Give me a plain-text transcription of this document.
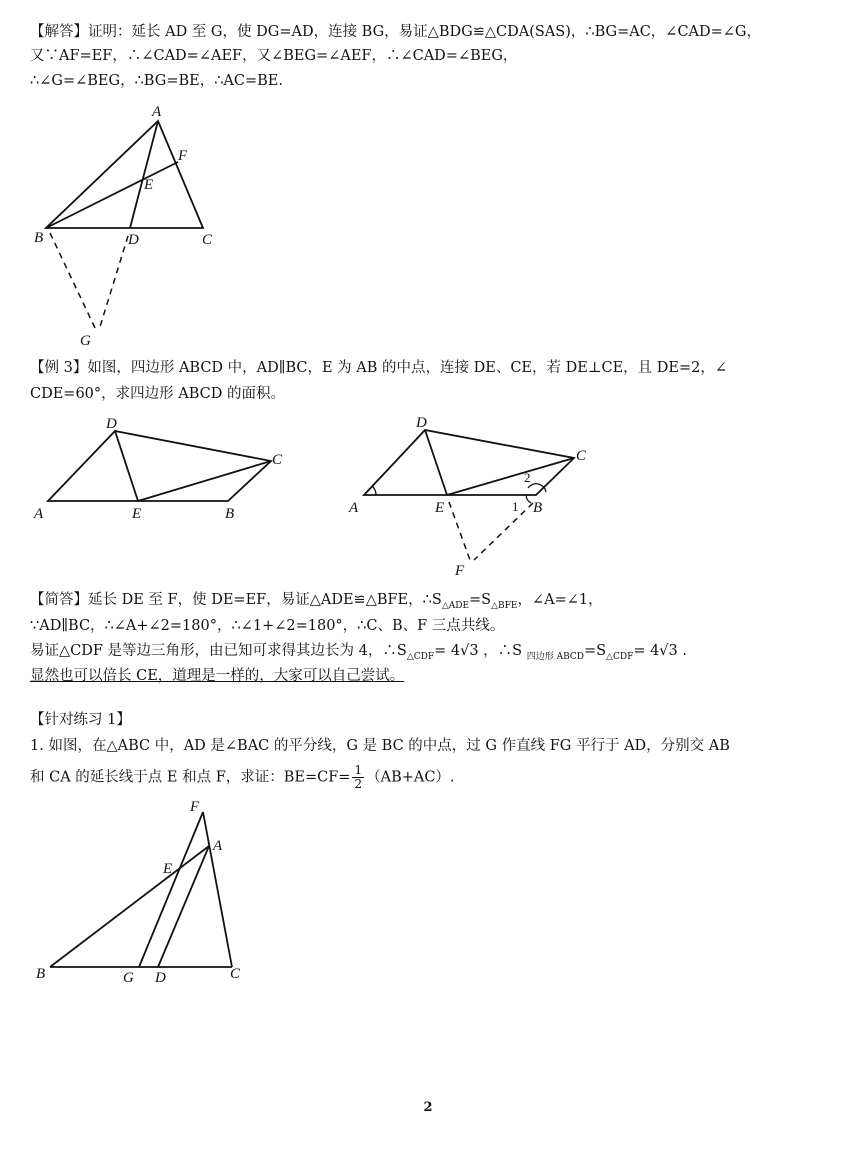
【解答】证明：延长 AD 至 G，使 DG=AD，连接 BG，易证△BDG≌△CDA(SAS)，∴BG=AC，∠CAD=∠G，
又∵AF=EF，∴∠CAD=∠AEF，又∠BEG=∠AEF，∴∠CAD=∠BEG，
∴∠G=∠BEG，∴BG=BE，∴AC=BE.
A
F
E
B	D	C
G
【例 3】如图，四边形 ABCD 中，AD∥BC，E 为 AB 的中点，连接 DE、CE，若 DE⊥CE，且 DE=2，∠
CDE=60°，求四边形 ABCD 的面积。
D
C
A	E	B
D
C
A	E	1 B
2
F
【简答】延长 DE 至 F，使 DE=EF，易证△ADE≌△BFE，$\therefore S_{\triangle ADE}=S_{\triangle BFE}$，∠A=∠1，
∵AD∥BC，∴∠A+∠2=180°，∴∠1+∠2=180°，∴C、B、F 三点共线。
易证△CDF 是等边三角形，由已知可求得其边长为 4，$\therefore S_{\triangle CDF}= 4√3$ ，∴S $_{四边形 ABCD}=S_{\triangle CDF}= 4√3$ .
显然也可以倍长 CE，道理是一样的，大家可以自己尝试。
【针对练习 1】
1. 如图，在△ABC 中，AD 是∠BAC 的平分线，G 是 BC 的中点，过 G 作直线 FG 平行于 AD，分别交 AB
和 CA 的延长线于点 E 和点 F，求证：$BE=CF= \frac{1}{2} (AB+AC)$.
F
A
E
B	G D	C
2
